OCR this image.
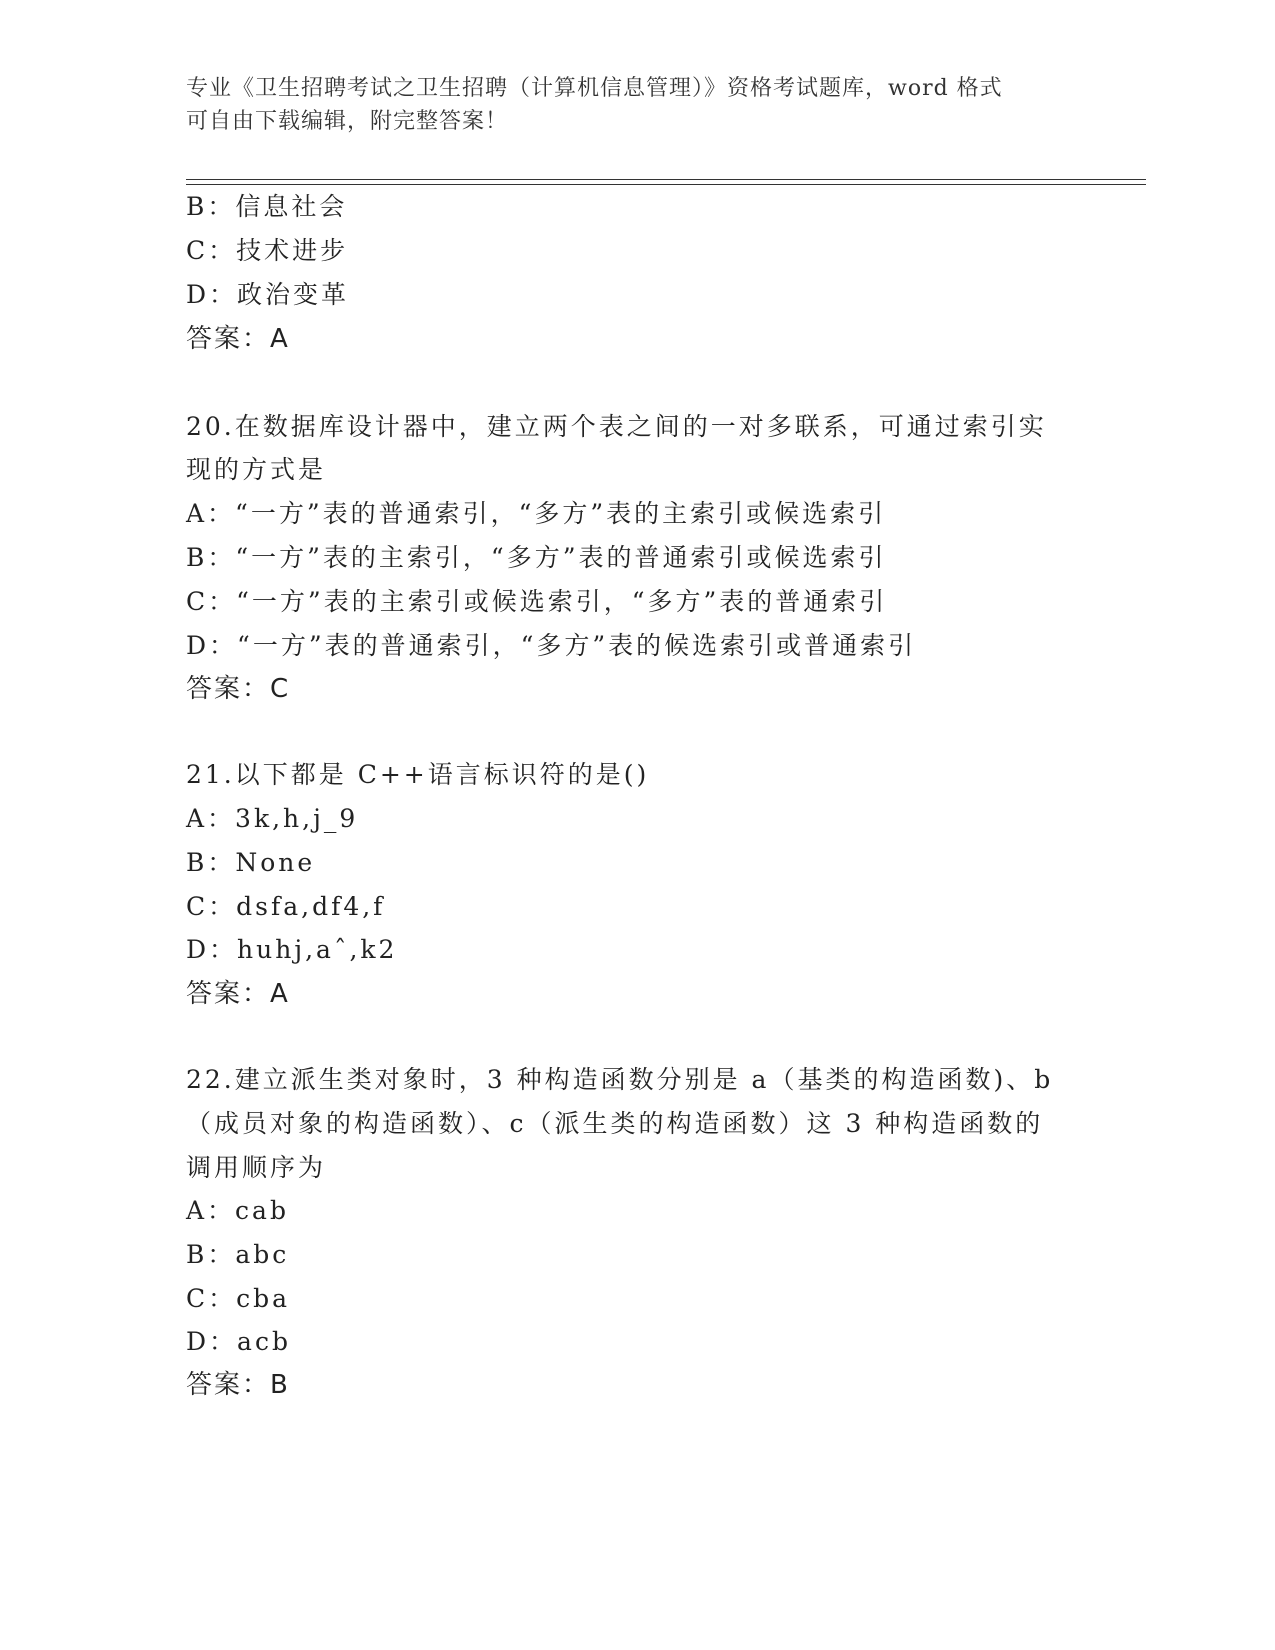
专业《卫生招聘考试之卫生招聘（计算机信息管理）》资格考试题库，word 格式
可自由下载编辑，附完整答案！
B：信息社会
C：技术进步
D：政治变革
答案：A
20.在数据库设计器中，建立两个表之间的一对多联系，可通过索引实
现的方式是
A：“一方”表的普通索引，“多方”表的主索引或候选索引
B：“一方”表的主索引，“多方”表的普通索引或候选索引
C：“一方”表的主索引或候选索引，“多方”表的普通索引
D：“一方”表的普通索引，“多方”表的候选索引或普通索引
答案：C
21.以下都是 C++语言标识符的是()
A：3k,h,j_9
B：None
C：dsfa,df4,f
D：huhj,aˆ,k2
答案：A
22.建立派生类对象时，3 种构造函数分别是 a（基类的构造函数)、b
（成员对象的构造函数）、c（派生类的构造函数）这 3 种构造函数的
调用顺序为
A：cab
B：abc
C：cba
D：acb
答案：B
